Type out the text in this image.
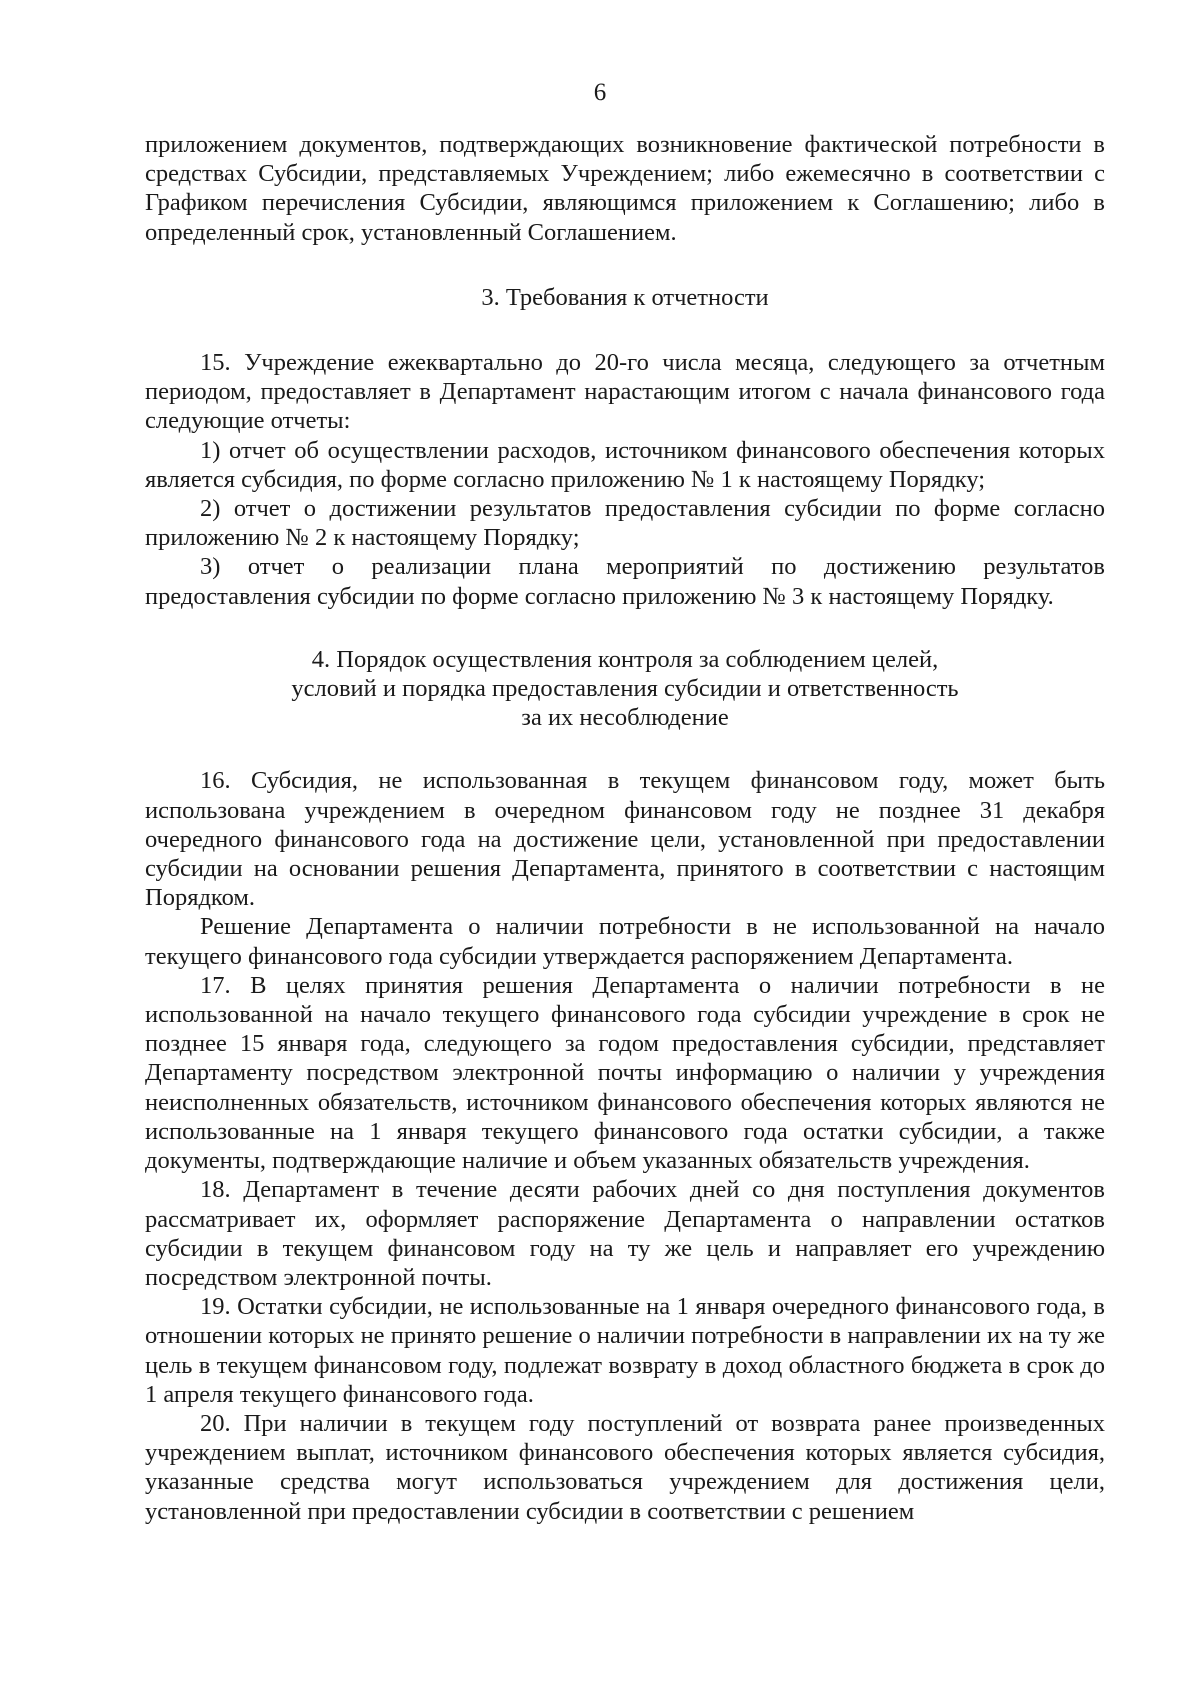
6

приложением документов, подтверждающих возникновение фактической потребности в средствах Субсидии, представляемых Учреждением; либо ежемесячно в соответствии с Графиком перечисления Субсидии, являющимся приложением к Соглашению; либо в определенный срок, установленный Соглашением.

3. Требования к отчетности

15. Учреждение ежеквартально до 20-го числа месяца, следующего за отчетным периодом, предоставляет в Департамент нарастающим итогом с начала финансового года следующие отчеты:

1) отчет об осуществлении расходов, источником финансового обеспечения которых является субсидия, по форме согласно приложению № 1 к настоящему Порядку;

2) отчет о достижении результатов предоставления субсидии по форме согласно приложению № 2 к настоящему Порядку;

3) отчет о реализации плана мероприятий по достижению результатов предоставления субсидии по форме согласно приложению № 3 к настоящему Порядку.

4. Порядок осуществления контроля за соблюдением целей,
условий и порядка предоставления субсидии и ответственность
за их несоблюдение

16. Субсидия, не использованная в текущем финансовом году, может быть использована учреждением в очередном финансовом году не позднее 31 декабря очередного финансового года на достижение цели, установленной при предоставлении субсидии на основании решения Департамента, принятого в соответствии с настоящим Порядком.

Решение Департамента о наличии потребности в не использованной на начало текущего финансового года субсидии утверждается распоряжением Департамента.

17. В целях принятия решения Департамента о наличии потребности в не использованной на начало текущего финансового года субсидии учреждение в срок не позднее 15 января года, следующего за годом предоставления субсидии, представляет Департаменту посредством электронной почты информацию о наличии у учреждения неисполненных обязательств, источником финансового обеспечения которых являются не использованные на 1 января текущего финансового года остатки субсидии, а также документы, подтверждающие наличие и объем указанных обязательств учреждения.

18. Департамент в течение десяти рабочих дней со дня поступления документов рассматривает их, оформляет распоряжение Департамента о направлении остатков субсидии в текущем финансовом году на ту же цель и направляет его учреждению посредством электронной почты.

19. Остатки субсидии, не использованные на 1 января очередного финансового года, в отношении которых не принято решение о наличии потребности в направлении их на ту же цель в текущем финансовом году, подлежат возврату в доход областного бюджета в срок до 1 апреля текущего финансового года.

20. При наличии в текущем году поступлений от возврата ранее произведенных учреждением выплат, источником финансового обеспечения которых является субсидия, указанные средства могут использоваться учреждением для достижения цели, установленной при предоставлении субсидии в соответствии с решением
